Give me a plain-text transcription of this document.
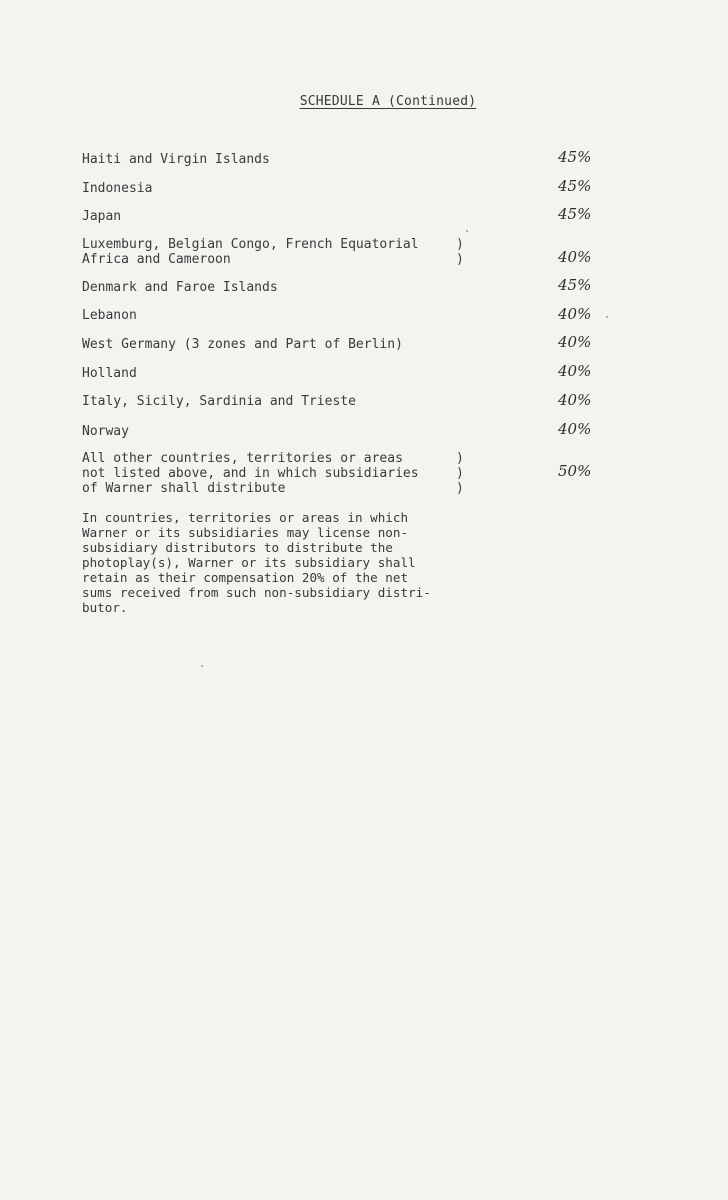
SCHEDULE A (Continued)
Haiti and Virgin Islands	45%
Indonesia	45%
Japan	45%
Luxemburg, Belgian Congo, French Equatorial
Africa and Cameroon
)
)	40%
Denmark and Faroe Islands	45%
Lebanon	40%
West Germany (3 zones and Part of Berlin)	40%
Holland	40%
Italy, Sicily, Sardinia and Trieste	40%
Norway	40%
All other countries, territories or areas
not listed above, and in which subsidiaries
of Warner shall distribute
)
)
)
50%
In countries, territories or areas in which
Warner or its subsidiaries may license non-
subsidiary distributors to distribute the
photoplay(s), Warner or its subsidiary shall
retain as their compensation 20% of the net
sums received from such non-subsidiary distri-
butor.
